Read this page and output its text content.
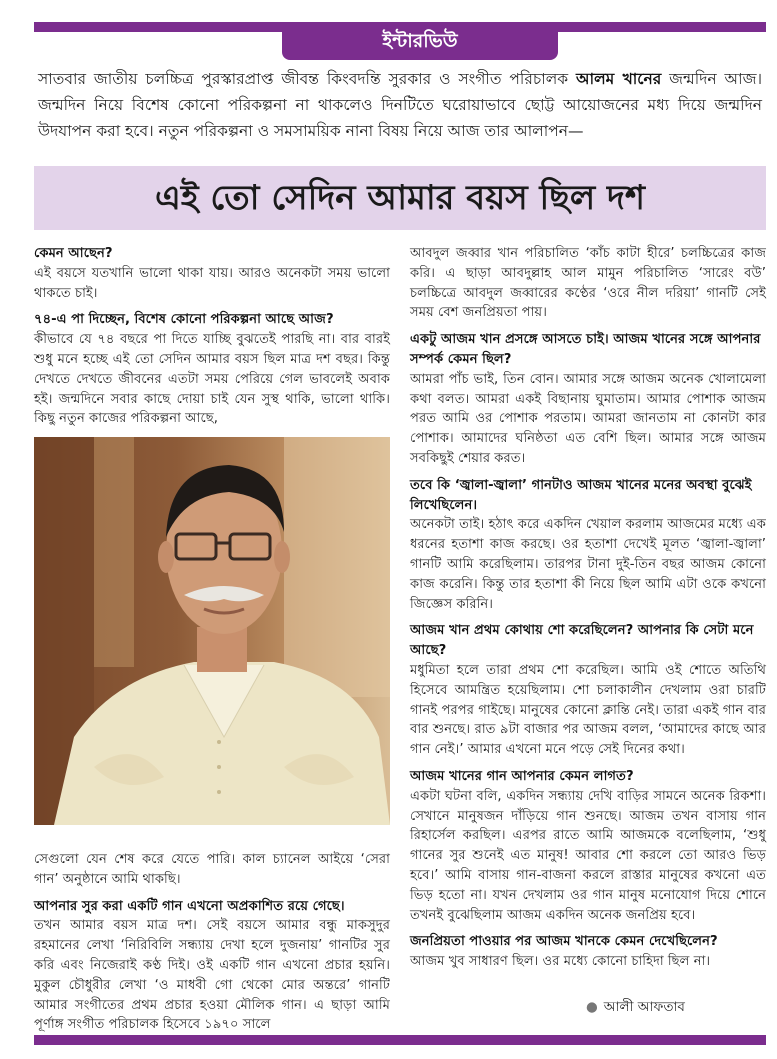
ইন্টারভিউ

সাতবার জাতীয় চলচ্চিত্র পুরস্কারপ্রাপ্ত জীবন্ত কিংবদন্তি সুরকার ও সংগীত পরিচালক আলম খানের জন্মদিন আজ। জন্মদিন নিয়ে বিশেষ কোনো পরিকল্পনা না থাকলেও দিনটিতে ঘরোয়াভাবে ছোট্ট আয়োজনের মধ্য দিয়ে জন্মদিন উদযাপন করা হবে। নতুন পরিকল্পনা ও সমসাময়িক নানা বিষয় নিয়ে আজ তার আলাপন—

এই তো সেদিন আমার বয়স ছিল দশ

কেমন আছেন?

এই বয়সে যতখানি ভালো থাকা যায়। আরও অনেকটা সময় ভালো থাকতে চাই।

৭৪-এ পা দিচ্ছেন, বিশেষ কোনো পরিকল্পনা আছে আজ?

কীভাবে যে ৭৪ বছরে পা দিতে যাচ্ছি বুঝতেই পারছি না। বার বারই শুধু মনে হচ্ছে এই তো সেদিন আমার বয়স ছিল মাত্র দশ বছর। কিন্তু দেখতে দেখতে জীবনের এতটা সময় পেরিয়ে গেল ভাবলেই অবাক হই। জন্মদিনে সবার কাছে দোয়া চাই যেন সুস্থ থাকি, ভালো থাকি। কিছু নতুন কাজের পরিকল্পনা আছে,

সেগুলো যেন শেষ করে যেতে পারি। কাল চ্যানেল আইয়ে ‘সেরা গান’ অনুষ্ঠানে আমি থাকছি।

আপনার সুর করা একটি গান এখনো অপ্রকাশিত রয়ে গেছে।

তখন আমার বয়স মাত্র দশ। সেই বয়সে আমার বন্ধু মাকসুদুর রহমানের লেখা ‘নিরিবিলি সন্ধ্যায় দেখা হলে দুজনায়’ গানটির সুর করি এবং নিজেরাই কণ্ঠ দিই। ওই একটি গান এখনো প্রচার হয়নি। মুকুল চৌধুরীর লেখা ‘ও মাধবী গো থেকো মোর অন্তরে’ গানটি আমার সংগীতের প্রথম প্রচার হওয়া মৌলিক গান। এ ছাড়া আমি পূর্ণাঙ্গ সংগীত পরিচালক হিসেবে ১৯৭০ সালে

আবদুল জব্বার খান পরিচালিত ‘কাঁচ কাটা হীরে’ চলচ্চিত্রের কাজ করি। এ ছাড়া আবদুল্লাহ আল মামুন পরিচালিত ‘সারেং বউ’ চলচ্চিত্রে আবদুল জব্বারের কণ্ঠের ‘ওরে নীল দরিয়া’ গানটি সেই সময় বেশ জনপ্রিয়তা পায়।

একটু আজম খান প্রসঙ্গে আসতে চাই। আজম খানের সঙ্গে আপনার সম্পর্ক কেমন ছিল?

আমরা পাঁচ ভাই, তিন বোন। আমার সঙ্গে আজম অনেক খোলামেলা কথা বলত। আমরা একই বিছানায় ঘুমাতাম। আমার পোশাক আজম পরত আমি ওর পোশাক পরতাম। আমরা জানতাম না কোনটা কার পোশাক। আমাদের ঘনিষ্ঠতা এত বেশি ছিল। আমার সঙ্গে আজম সবকিছুই শেয়ার করত।

তবে কি ‘জ্বালা-জ্বালা’ গানটাও আজম খানের মনের অবস্থা বুঝেই লিখেছিলেন।

অনেকটা তাই। হঠাৎ করে একদিন খেয়াল করলাম আজমের মধ্যে এক ধরনের হতাশা কাজ করছে। ওর হতাশা দেখেই মূলত ‘জ্বালা-জ্বালা’ গানটি আমি করেছিলাম। তারপর টানা দুই-তিন বছর আজম কোনো কাজ করেনি। কিন্তু তার হতাশা কী নিয়ে ছিল আমি এটা ওকে কখনো জিজ্ঞেস করিনি।

আজম খান প্রথম কোথায় শো করেছিলেন? আপনার কি সেটা মনে আছে?

মধুমিতা হলে তারা প্রথম শো করেছিল। আমি ওই শোতে অতিথি হিসেবে আমন্ত্রিত হয়েছিলাম। শো চলাকালীন দেখলাম ওরা চারটি গানই পরপর গাইছে। মানুষের কোনো ক্লান্তি নেই। তারা একই গান বার বার শুনছে। রাত ৯টা বাজার পর আজম বলল, ‘আমাদের কাছে আর গান নেই।’ আমার এখনো মনে পড়ে সেই দিনের কথা।

আজম খানের গান আপনার কেমন লাগত?

একটা ঘটনা বলি, একদিন সন্ধ্যায় দেখি বাড়ির সামনে অনেক রিকশা। সেখানে মানুষজন দাঁড়িয়ে গান শুনছে। আজম তখন বাসায় গান রিহার্সেল করছিল। এরপর রাতে আমি আজমকে বলেছিলাম, ‘শুধু গানের সুর শুনেই এত মানুষ! আবার শো করলে তো আরও ভিড় হবে।’ আমি বাসায় গান-বাজনা করলে রাস্তার মানুষের কখনো এত ভিড় হতো না। যখন দেখলাম ওর গান মানুষ মনোযোগ দিয়ে শোনে তখনই বুঝেছিলাম আজম একদিন অনেক জনপ্রিয় হবে।

জনপ্রিয়তা পাওয়ার পর আজম খানকে কেমন দেখেছিলেন?

আজম খুব সাধারণ ছিল। ওর মধ্যে কোনো চাহিদা ছিল না।

● আলী আফতাব
